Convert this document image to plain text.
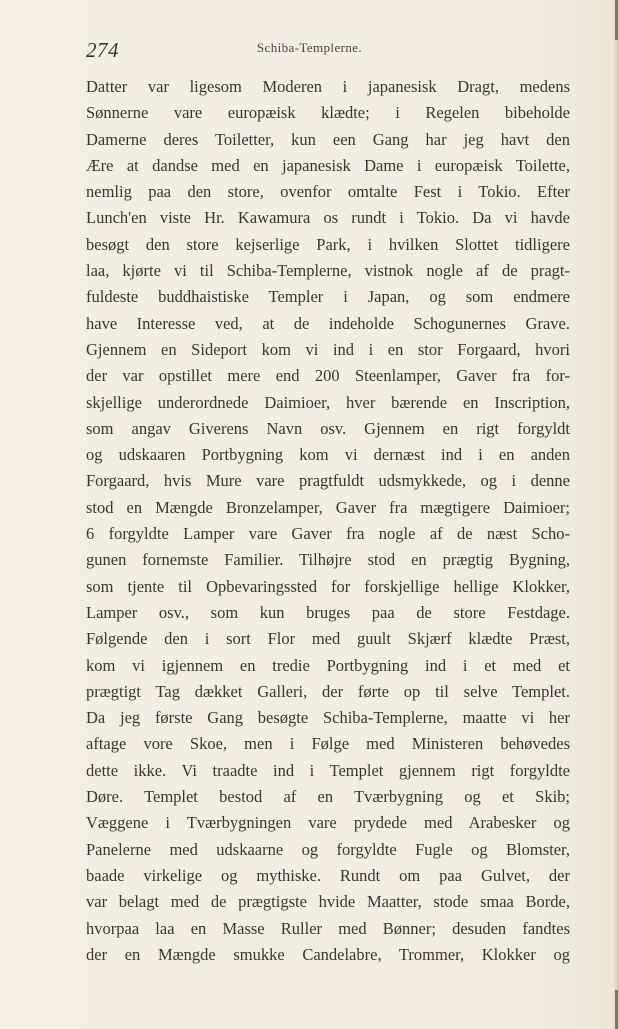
274	Schiba-Templerne.
Datter var ligesom Moderen i japanesisk Dragt, medens
Sønnerne vare europæisk klædte; i Regelen bibeholde
Damerne deres Toiletter, kun een Gang har jeg havt den
Ære at dandse med en japanesisk Dame i europæisk Toilette,
nemlig paa den store, ovenfor omtalte Fest i Tokio. Efter
Lunch'en viste Hr. Kawamura os rundt i Tokio. Da vi havde
besøgt den store kejserlige Park, i hvilken Slottet tidligere
laa, kjørte vi til Schiba-Templerne, vistnok nogle af de pragt-
fuldeste buddhaistiske Templer i Japan, og som endmere
have Interesse ved, at de indeholde Schogunernes Grave.
Gjennem en Sideport kom vi ind i en stor Forgaard, hvori
der var opstillet mere end 200 Steenlamper, Gaver fra for-
skjellige underordnede Daimioer, hver bærende en Inscription,
som angav Giverens Navn osv. Gjennem en rigt forgyldt
og udskaaren Portbygning kom vi dernæst ind i en anden
Forgaard, hvis Mure vare pragtfuldt udsmykkede, og i denne
stod en Mængde Bronzelamper, Gaver fra mægtigere Daimioer;
6 forgyldte Lamper vare Gaver fra nogle af de næst Scho-
gunen fornemste Familier. Tilhøjre stod en prægtig Bygning,
som tjente til Opbevaringssted for forskjellige hellige Klokker,
Lamper osv., som kun bruges paa de store Festdage.
Følgende den i sort Flor med guult Skjærf klædte Præst,
kom vi igjennem en tredie Portbygning ind i et med et
prægtigt Tag dækket Galleri, der førte op til selve Templet.
Da jeg første Gang besøgte Schiba-Templerne, maatte vi her
aftage vore Skoe, men i Følge med Ministeren behøvedes
dette ikke. Vi traadte ind i Templet gjennem rigt forgyldte
Døre. Templet bestod af en Tværbygning og et Skib;
Væggene i Tværbygningen vare prydede med Arabesker og
Panelerne med udskaarne og forgyldte Fugle og Blomster,
baade virkelige og mythiske. Rundt om paa Gulvet, der
var belagt med de prægtigste hvide Maatter, stode smaa Borde,
hvorpaa laa en Masse Ruller med Bønner; desuden fandtes
der en Mængde smukke Candelabre, Trommer, Klokker og
